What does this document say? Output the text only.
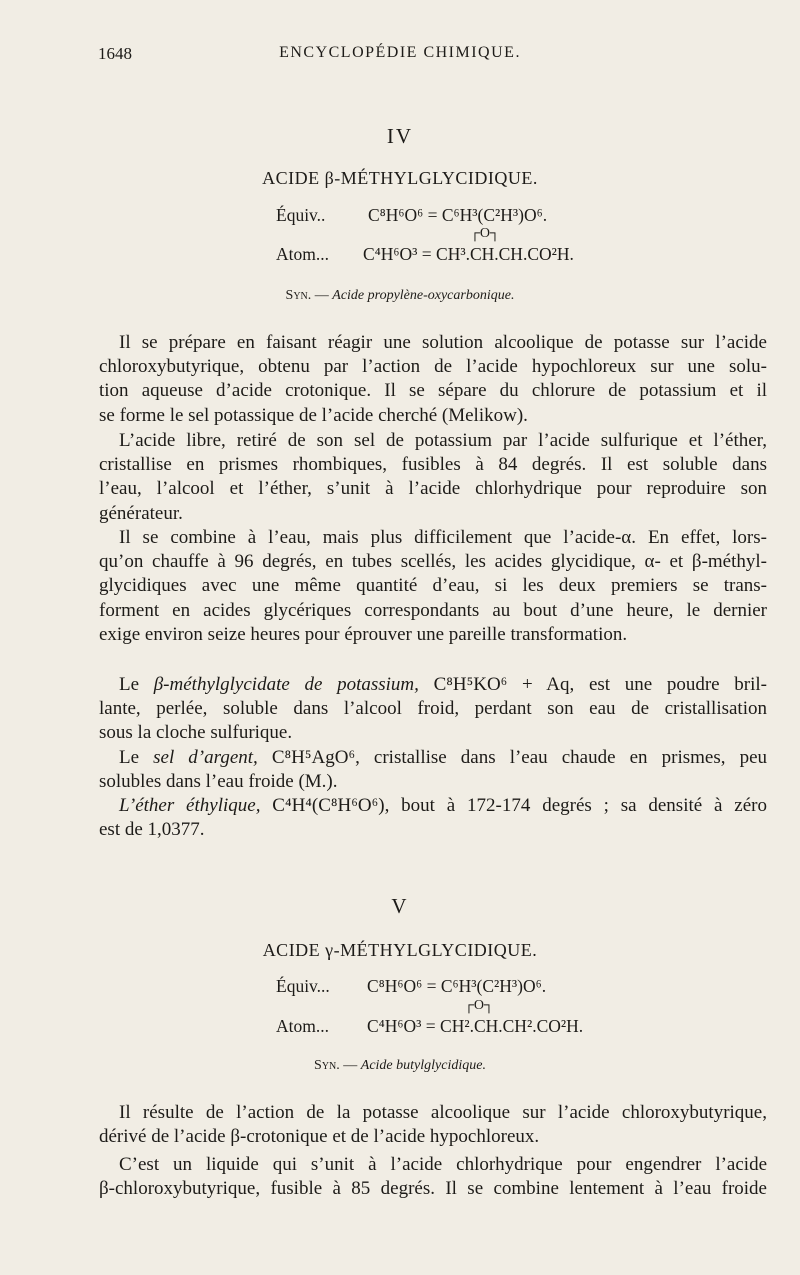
1648	ENCYCLOPÉDIE CHIMIQUE.
IV
ACIDE β-MÉTHYLGLYCIDIQUE.
Équiv.. C⁸H⁶O⁶ = C⁶H³(C²H³)O⁶.
┌O┐
Atom... C⁴H⁶O³ = CH³.CH.CH.CO²H.
Syn. — Acide propylène-oxycarbonique.
Il se prépare en faisant réagir une solution alcoolique de potasse sur l’acide
chloroxybutyrique, obtenu par l’action de l’acide hypochloreux sur une solu-
tion aqueuse d’acide crotonique. Il se sépare du chlorure de potassium et il
se forme le sel potassique de l’acide cherché (Melikow).
L’acide libre, retiré de son sel de potassium par l’acide sulfurique et l’éther,
cristallise en prismes rhombiques, fusibles à 84 degrés. Il est soluble dans
l’eau, l’alcool et l’éther, s’unit à l’acide chlorhydrique pour reproduire son
générateur.
Il se combine à l’eau, mais plus difficilement que l’acide-α. En effet, lors-
qu’on chauffe à 96 degrés, en tubes scellés, les acides glycidique, α- et β-méthyl-
glycidiques avec une même quantité d’eau, si les deux premiers se trans-
forment en acides glycériques correspondants au bout d’une heure, le dernier
exige environ seize heures pour éprouver une pareille transformation.
Le β-méthylglycidate de potassium, C⁸H⁵KO⁶ + Aq, est une poudre bril-
lante, perlée, soluble dans l’alcool froid, perdant son eau de cristallisation
sous la cloche sulfurique.
Le sel d’argent, C⁸H⁵AgO⁶, cristallise dans l’eau chaude en prismes, peu
solubles dans l’eau froide (M.).
L’éther éthylique, C⁴H⁴(C⁸H⁶O⁶), bout à 172-174 degrés ; sa densité à zéro
est de 1,0377.
V
ACIDE γ-MÉTHYLGLYCIDIQUE.
Équiv... C⁸H⁶O⁶ = C⁶H³(C²H³)O⁶.
┌O┐
Atom... C⁴H⁶O³ = CH².CH.CH².CO²H.
Syn. — Acide butylglycidique.
Il résulte de l’action de la potasse alcoolique sur l’acide chloroxybutyrique,
dérivé de l’acide β-crotonique et de l’acide hypochloreux.
C’est un liquide qui s’unit à l’acide chlorhydrique pour engendrer l’acide
β-chloroxybutyrique, fusible à 85 degrés. Il se combine lentement à l’eau froide
